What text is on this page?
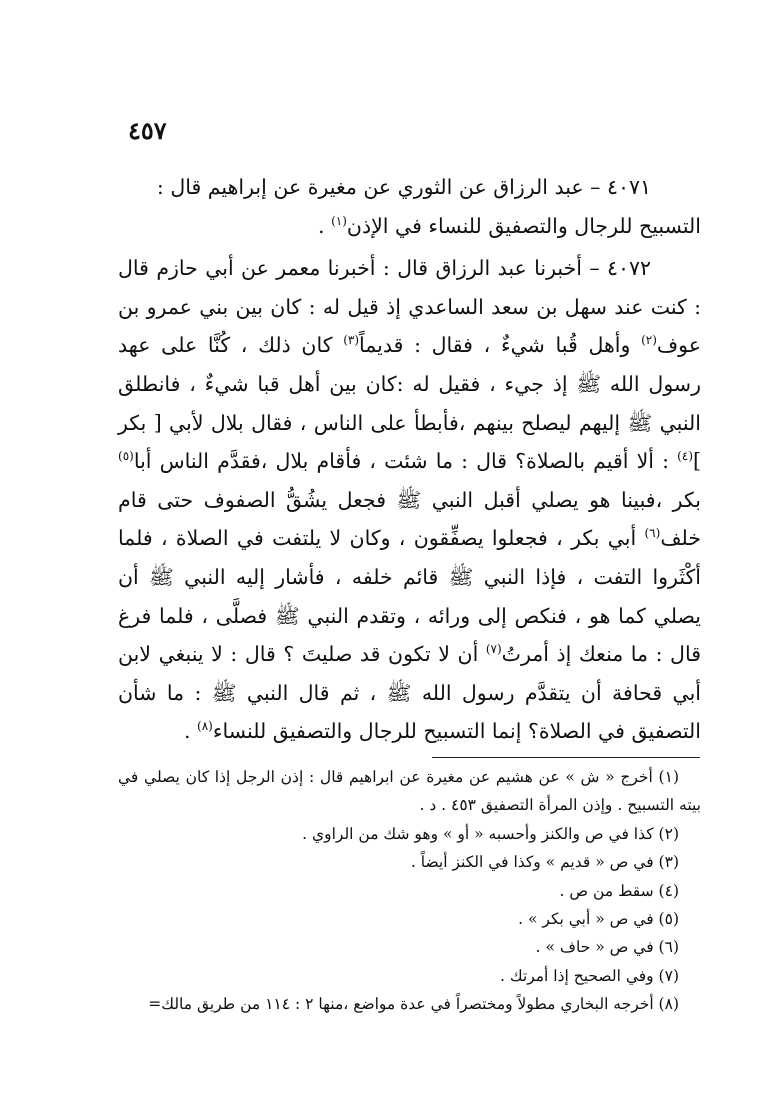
٤٥٧

٤٠٧١ – عبد الرزاق عن الثوري عن مغيرة عن إبراهيم قال :
التسبيح للرجال والتصفيق للنساء في الإذن$^{(١)}$ .

٤٠٧٢ – أخبرنا عبد الرزاق قال : أخبرنا معمر عن أبي حازم قال : كنت عند سهل بن سعد الساعدي إذ قيل له : كان بين بني عمرو بن عوف$^{(٢)}$ وأهل قُبا شيءٌ ، فقال : قديماً$^{(٣)}$ كان ذلك ، كُنَّا على عهد رسول الله ﷺ إذ جيء ، فقيل له :كان بين أهل قبا شيءٌ ، فانطلق النبي ﷺ إليهم ليصلح بينهم ،فأبطأ على الناس ، فقال بلال لأبي [ بكر ]$^{(٤)}$ : ألا أقيم بالصلاة؟ قال : ما شئت ، فأقام بلال ،فقدَّم الناس أبا$^{(٥)}$ بكر ،فبينا هو يصلي أقبل النبي ﷺ فجعل يشُقُّ الصفوف حتى قام خلف$^{(٦)}$ أبي بكر ، فجعلوا يصفِّقون ، وكان لا يلتفت في الصلاة ، فلما أكْثَروا التفت ، فإذا النبي ﷺ قائم خلفه ، فأشار إليه النبي ﷺ أن يصلي كما هو ، فنكص إلى ورائه ، وتقدم النبي ﷺ فصلَّى ، فلما فرغ قال : ما منعك إذ أمرتُ$^{(٧)}$ أن لا تكون قد صليتَ ؟ قال : لا ينبغي لابن أبي قحافة أن يتقدَّم رسول الله ﷺ ، ثم قال النبي ﷺ : ما شأن التصفيق في الصلاة؟ إنما التسبيح للرجال والتصفيق للنساء$^{(٨)}$ .

(١) أخرج « ش » عن هشيم عن مغيرة عن ابراهيم قال : إذن الرجل إذا كان يصلي في بيته التسبيح . وإذن المرأة التصفيق ٤٥٣ . د .

(٢) كذا في ص والكنز وأحسبه « أو » وهو شك من الراوي .

(٣) في ص « قديم » وكذا في الكنز أيضاً .

(٤) سقط من ص .

(٥) في ص « أبي بكر » .

(٦) في ص « حاف » .

(٧) وفي الصحيح إذا أمرتك .

(٨) أخرجه البخاري مطولاً ومختصراً في عدة مواضع ،منها ٢ : ١١٤ من طريق مالك=
